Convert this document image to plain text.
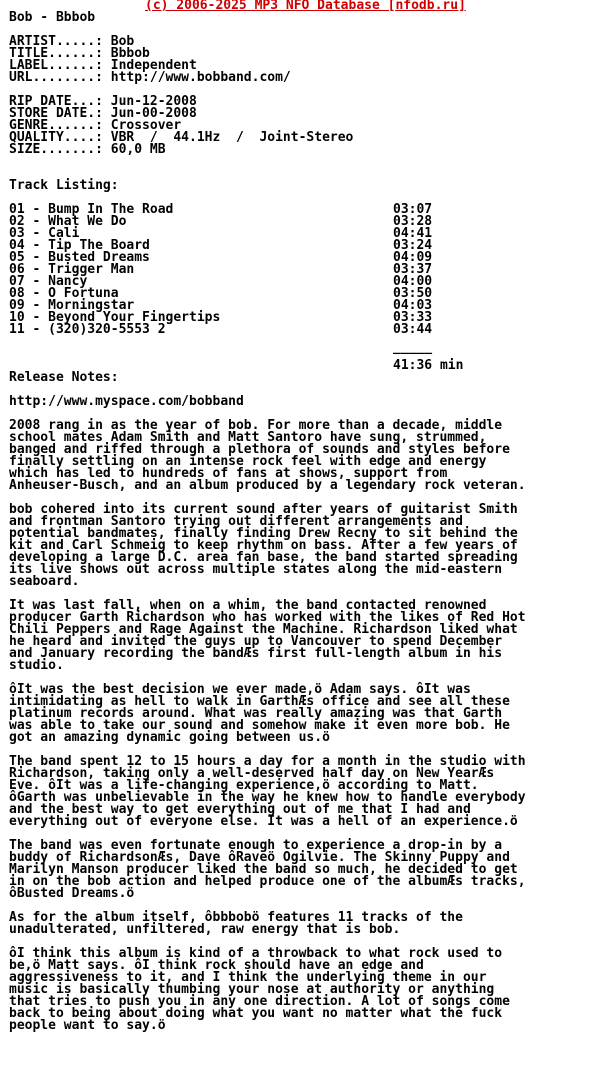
(c) 2006-2025 MP3 NFO Database [nfodb.ru]
Bob - Bbbob
ARTIST.....: Bob
TITLE......: Bbbob
LABEL......: Independent
URL........: http://www.bobband.com/
RIP DATE...: Jun-12-2008
STORE DATE.: Jun-00-2008
GENRE......: Crossover
QUALITY....: VBR  /  44.1Hz  /  Joint-Stereo
SIZE.......: 60,0 MB
Track Listing:
01 - Bump In The Road	03:07
02 - What We Do	03:28
03 - Cali	04:41
04 - Tip The Board	03:24
05 - Busted Dreams	04:09
06 - Trigger Man	03:37
07 - Nancy	04:00
08 - O Fortuna	03:50
09 - Morningstar	04:03
10 - Beyond Your Fingertips	03:33
11 - (320)320-5553 2	03:44
_____
41:36 min
Release Notes:
http://www.myspace.com/bobband
2008 rang in as the year of bob. For more than a decade, middle
school mates Adam Smith and Matt Santoro have sung, strummed,
banged and riffed through a plethora of sounds and styles before
finally settling on an intense rock feel with edge and energy
which has led to hundreds of fans at shows, support from
Anheuser-Busch, and an album produced by a legendary rock veteran.
bob cohered into its current sound after years of guitarist Smith
and frontman Santoro trying out different arrangements and
potential bandmates, finally finding Drew Recny to sit behind the
kit and Carl Schmeig to keep rhythm on bass. After a few years of
developing a large D.C. area fan base, the band started spreading
its live shows out across multiple states along the mid-eastern
seaboard.
It was last fall, when on a whim, the band contacted renowned
producer Garth Richardson who has worked with the likes of Red Hot
Chili Peppers and Rage Against the Machine. Richardson liked what
he heard and invited the guys up to Vancouver to spend December
and January recording the bandÆs first full-length album in his
studio.
ôIt was the best decision we ever made,ö Adam says. ôIt was
intimidating as hell to walk in GarthÆs office and see all these
platinum records around. What was really amazing was that Garth
was able to take our sound and somehow make it even more bob. He
got an amazing dynamic going between us.ö
The band spent 12 to 15 hours a day for a month in the studio with
Richardson, taking only a well-deserved half day on New YearÆs
Eve. ôIt was a life-changing experience,ö according to Matt.
ôGarth was unbelievable in the way he knew how to handle everybody
and the best way to get everything out of me that I had and
everything out of everyone else. It was a hell of an experience.ö
The band was even fortunate enough to experience a drop-in by a
buddy of RichardsonÆs, Dave ôRaveö Ogilvie. The Skinny Puppy and
Marilyn Manson producer liked the band so much, he decided to get
in on the bob action and helped produce one of the albumÆs tracks,
ôBusted Dreams.ö
As for the album itself, ôbbbobö features 11 tracks of the
unadulterated, unfiltered, raw energy that is bob.
ôI think this album is kind of a throwback to what rock used to
be,ö Matt says. ôI think rock should have an edge and
aggressiveness to it, and I think the underlying theme in our
music is basically thumbing your nose at authority or anything
that tries to push you in any one direction. A lot of songs come
back to being about doing what you want no matter what the fuck
people want to say.ö
